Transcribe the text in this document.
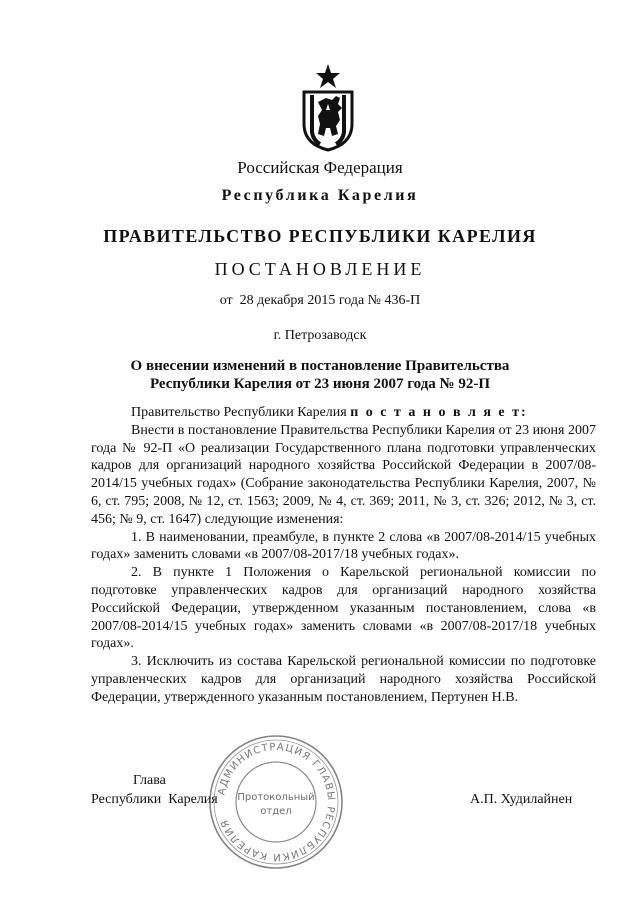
Российская Федерация
Республика Карелия
ПРАВИТЕЛЬСТВО РЕСПУБЛИКИ КАРЕЛИЯ
ПОСТАНОВЛЕНИЕ
от  28 декабря 2015 года № 436-П
г. Петрозаводск
О внесении изменений в постановление Правительства
Республики Карелия от 23 июня 2007 года № 92-П

Правительство Республики Карелия п о с т а н о в л я е т:

Внести в постановление Правительства Республики Карелия от 23 июня 2007 года № 92-П «О реализации Государственного плана подготовки управленческих кадров для организаций народного хозяйства Российской Федерации в 2007/08-2014/15 учебных годах» (Собрание законодательства Республики Карелия, 2007, № 6, ст. 795; 2008, № 12, ст. 1563; 2009, № 4, ст. 369; 2011, № 3, ст. 326; 2012, № 3, ст. 456; № 9, ст. 1647) следующие изменения:

1. В наименовании, преамбуле, в пункте 2 слова «в 2007/08-2014/15 учебных годах» заменить словами «в 2007/08-2017/18 учебных годах».

2. В пункте 1 Положения о Карельской региональной комиссии по подготовке управленческих кадров для организаций народного хозяйства Российской Федерации, утвержденном указанным постановлением, слова «в 2007/08-2014/15 учебных годах» заменить словами «в 2007/08-2017/18 учебных годах».

3. Исключить из состава Карельской региональной комиссии по подготовке управленческих кадров для организаций народного хозяйства Российской Федерации, утвержденного указанным постановлением, Пертунен Н.В.

Глава
Республики  Карелия	А.П. Худилайнен
АДМИНИСТРАЦИЯ ГЛАВЫ РЕСПУБЛИКИ КАРЕЛИЯ
Протокольный
отдел
